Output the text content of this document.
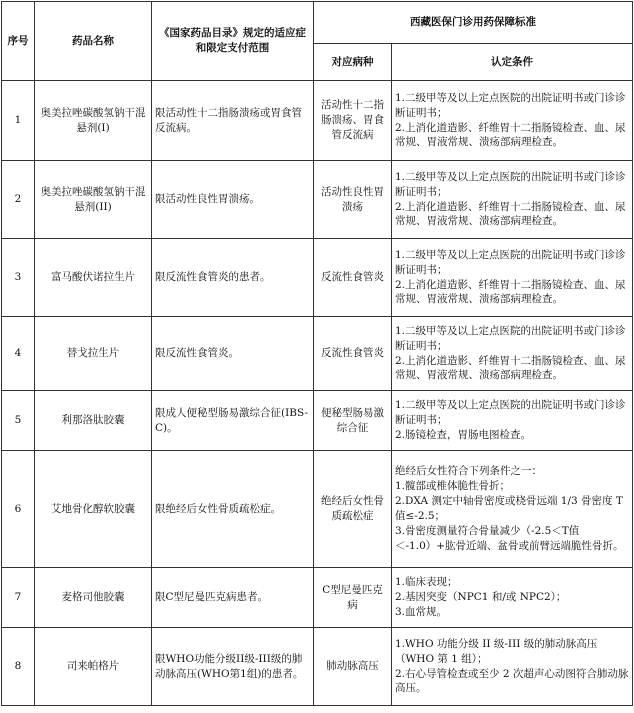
序号	药品名称	《国家药品目录》规定的适应症和限定支付范围	西藏医保门诊用药保障标准	
			对应病种	认定条件
1	奥美拉唑碳酸氢钠干混悬剂(I)	限活动性十二指肠溃疡或胃食管反流病。	活动性十二指肠溃疡、胃食管反流病	1.二级甲等及以上定点医院的出院证明书或门诊诊断证明书；
2.上消化道造影、纤维胃十二指肠镜检查、血、尿常规、胃液常规、溃疡部病理检查。

2	奥美拉唑碳酸氢钠干混悬剂(II)	限活动性良性胃溃疡。	活动性良性胃溃疡	1.二级甲等及以上定点医院的出院证明书或门诊诊断证明书；
2.上消化道造影、纤维胃十二指肠镜检查、血、尿常规、胃液常规、溃疡部病理检查。

3	富马酸伏诺拉生片	限反流性食管炎的患者。	反流性食管炎	1.二级甲等及以上定点医院的出院证明书或门诊诊断证明书；
2.上消化道造影、纤维胃十二指肠镜检查、血、尿常规、胃液常规、溃疡部病理检查。

4	替戈拉生片	限反流性食管炎。	反流性食管炎	1.二级甲等及以上定点医院的出院证明书或门诊诊断证明书；
2.上消化道造影、纤维胃十二指肠镜检查、血、尿常规、胃液常规、溃疡部病理检查。

5	利那洛肽胶囊	限成人便秘型肠易激综合征(IBS-C)。	便秘型肠易激综合征	1.二级甲等及以上定点医院的出院证明书或门诊诊断证明书；
2.肠镜检查，胃肠电图检查。

6	艾地骨化醇软胶囊	限绝经后女性骨质疏松症。	绝经后女性骨质疏松症	绝经后女性符合下列条件之一：
1.髋部或椎体脆性骨折；
2.DXA 测定中轴骨密度或桡骨远端 1/3 骨密度 T 值≤-2.5；
3.骨密度测量符合骨量减少（-2.5＜T值＜-1.0）+肱骨近端、盆骨或前臂远端脆性骨折。

7	麦格司他胶囊	限C型尼曼匹克病患者。	C型尼曼匹克病	1.临床表现；
2.基因突变（NPC1 和/或 NPC2）；
3.血常规。

8	司来帕格片	限WHO功能分级II级-III级的肺动脉高压(WHO第1组)的患者。	肺动脉高压	1.WHO 功能分级 II 级-III 级的肺动脉高压（WHO 第 1 组）；
2.右心导管检查或至少 2 次超声心动图符合肺动脉高压。
